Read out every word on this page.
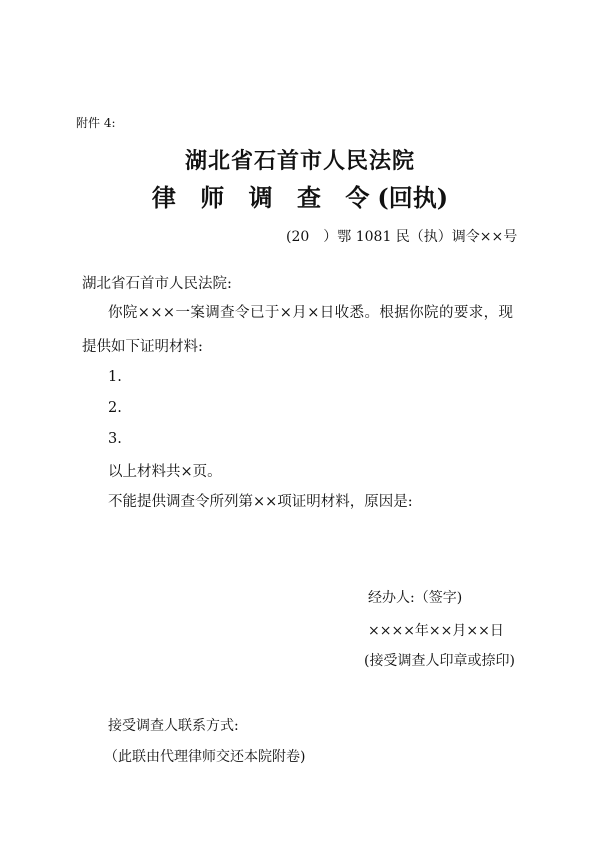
附件 4:
湖北省石首市人民法院
律 师 调 查 令(回执)
(20　）鄂 1081 民（执）调令××号
湖北省石首市人民法院:
你院×××一案调查令已于×月×日收悉。根据你院的要求，现
提供如下证明材料:
1.
2.
3.
以上材料共×页。
不能提供调查令所列第××项证明材料，原因是:
经办人:（签字)
××××年××月××日
(接受调查人印章或捺印)
接受调查人联系方式:
（此联由代理律师交还本院附卷)
